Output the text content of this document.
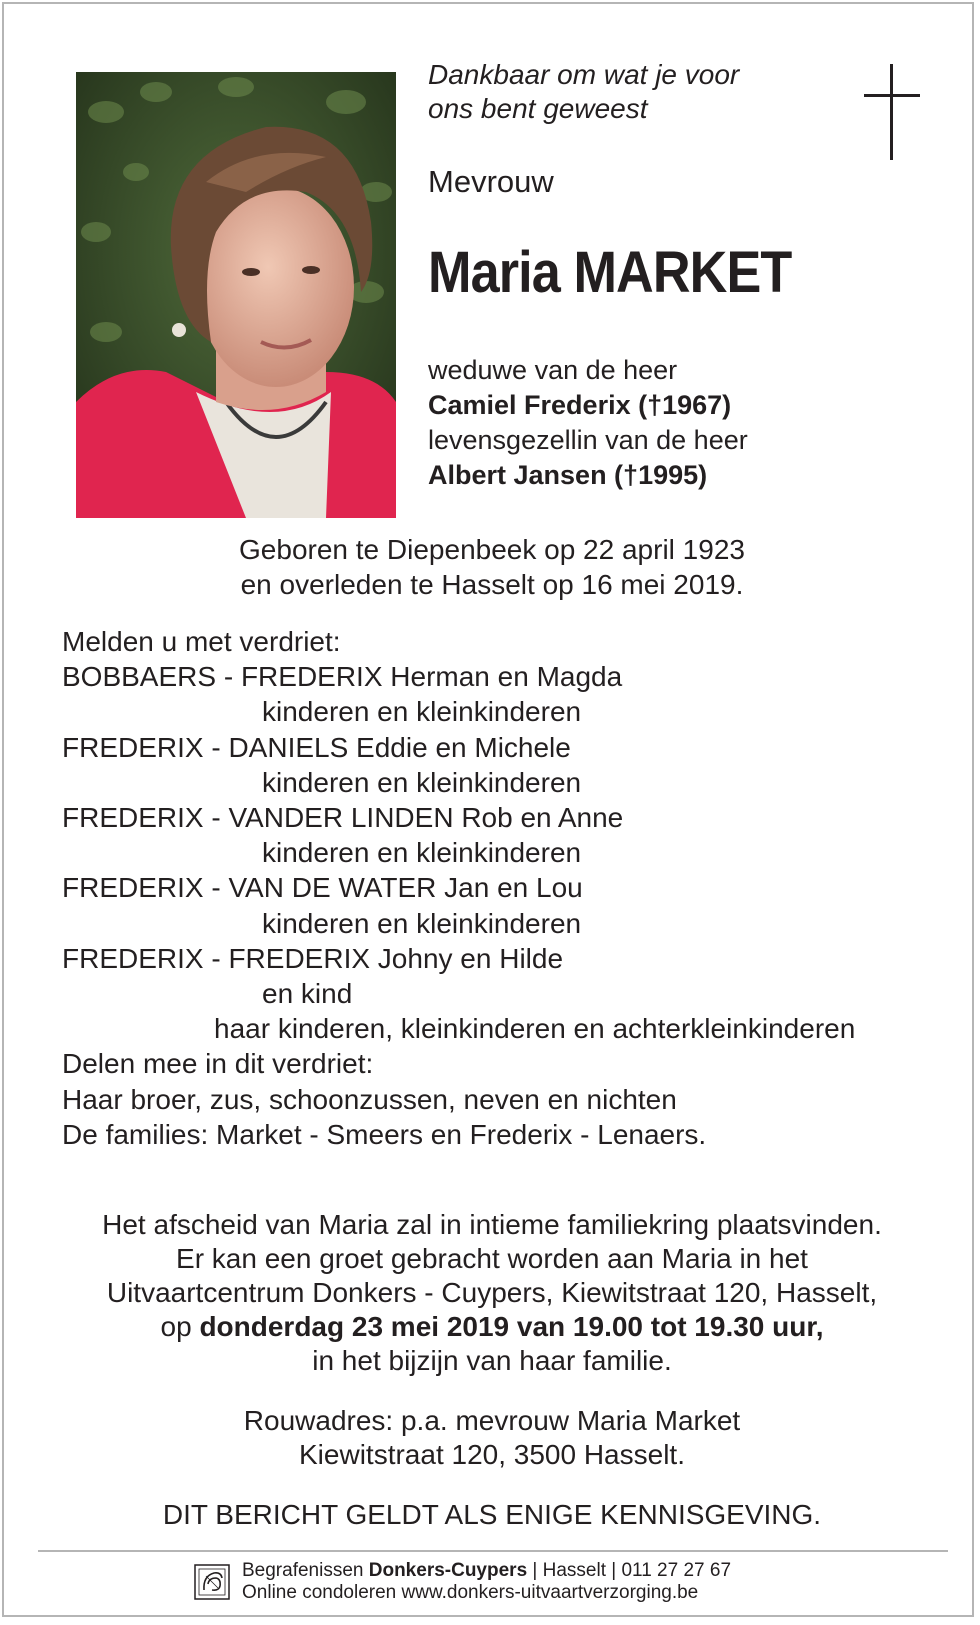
Dankbaar om wat je voor
ons bent geweest
Mevrouw
Maria MARKET
weduwe van de heer
Camiel Frederix (†1967)
levensgezellin van de heer
Albert Jansen (†1995)
Geboren te Diepenbeek op 22 april 1923
en overleden te Hasselt op 16 mei 2019.
Melden u met verdriet:
BOBBAERS - FREDERIX Herman en Magda
kinderen en kleinkinderen
FREDERIX - DANIELS Eddie en Michele
kinderen en kleinkinderen
FREDERIX - VANDER LINDEN Rob en Anne
kinderen en kleinkinderen
FREDERIX - VAN DE WATER Jan en Lou
kinderen en kleinkinderen
FREDERIX - FREDERIX Johny en Hilde
en kind
haar kinderen, kleinkinderen en achterkleinkinderen
Delen mee in dit verdriet:
Haar broer, zus, schoonzussen, neven en nichten
De families: Market - Smeers en Frederix - Lenaers.
Het afscheid van Maria zal in intieme familiekring plaatsvinden.
Er kan een groet gebracht worden aan Maria in het
Uitvaartcentrum Donkers - Cuypers, Kiewitstraat 120, Hasselt,
op donderdag 23 mei 2019 van 19.00 tot 19.30 uur,
in het bijzijn van haar familie.
Rouwadres: p.a. mevrouw Maria Market
Kiewitstraat 120, 3500 Hasselt.
DIT BERICHT GELDT ALS ENIGE KENNISGEVING.
Begrafenissen Donkers-Cuypers | Hasselt | 011 27 27 67
Online condoleren www.donkers-uitvaartverzorging.be
